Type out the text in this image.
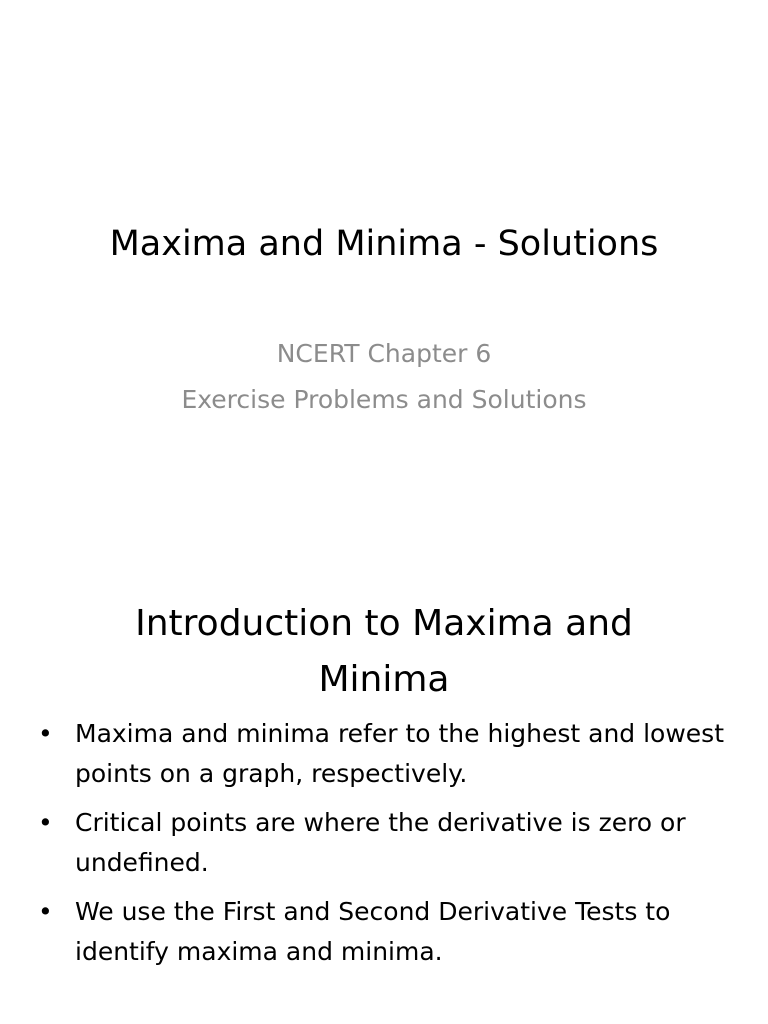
Maxima and Minima - Solutions
NCERT Chapter 6
Exercise Problems and Solutions
Introduction to Maxima and
Minima
• Maxima and minima refer to the highest and lowest points on a graph, respectively.
• Critical points are where the derivative is zero or undefined.
• We use the First and Second Derivative Tests to identify maxima and minima.
